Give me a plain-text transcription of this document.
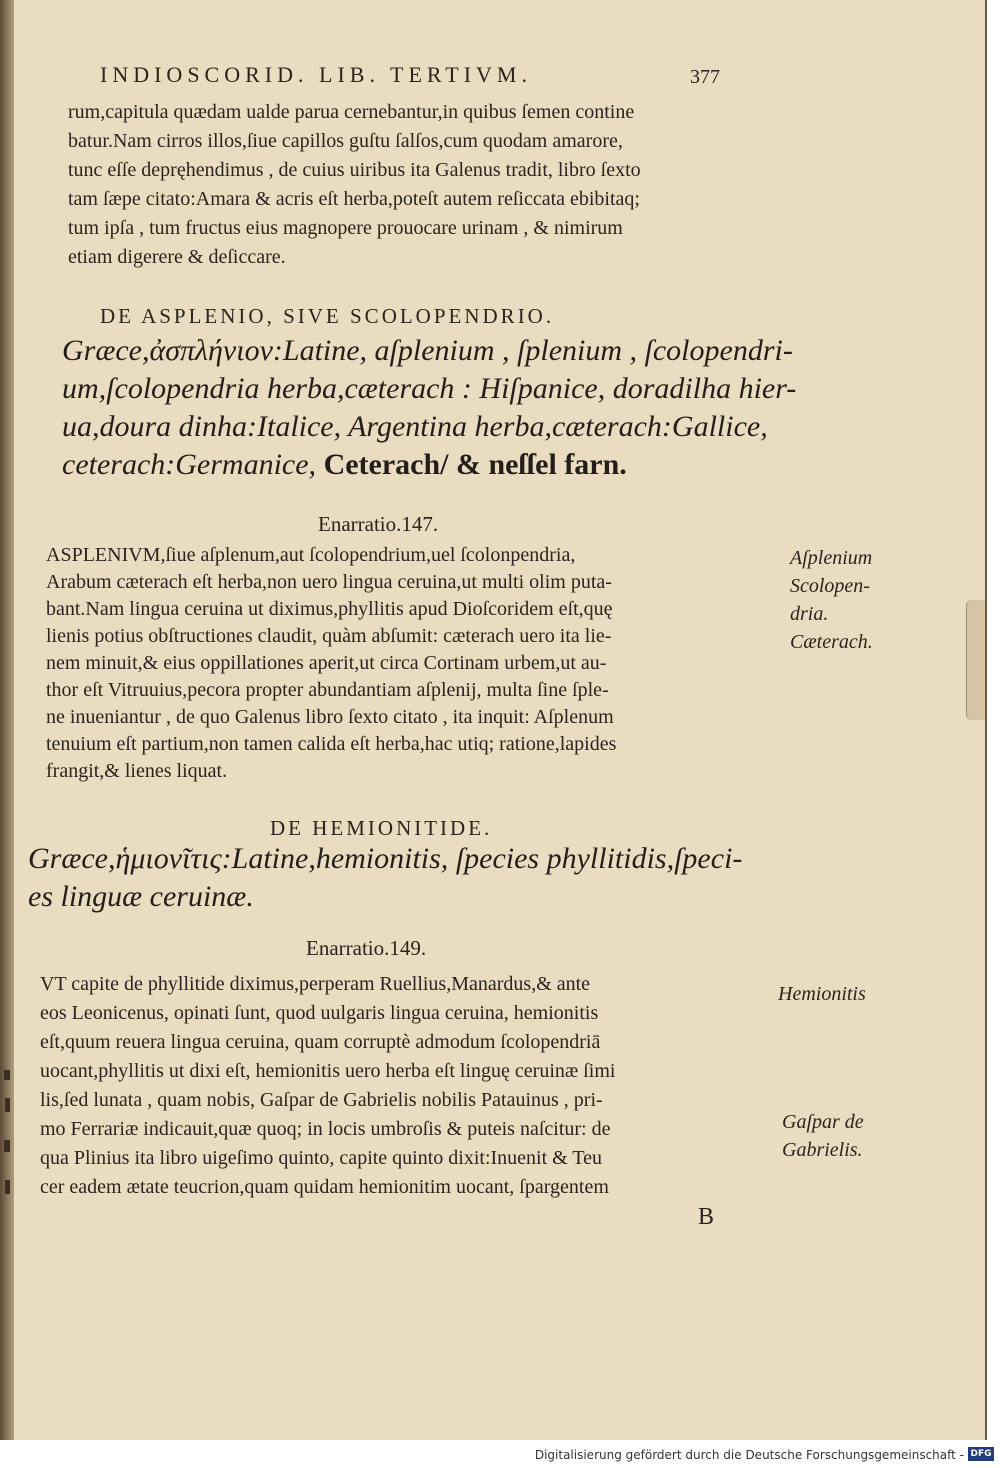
INDIOSCORID. LIB. TERTIVM.	377
rum,capitula quædam ualde parua cernebantur,in quibus ſemen contine
batur.Nam cirros illos,ſiue capillos guſtu ſalſos,cum quodam amarore,
tunc eſſe depręhendimus , de cuius uiribus ita Galenus tradit, libro ſexto
tam ſæpe citato:Amara & acris eſt herba,poteſt autem reſiccata ebibitaq;
tum ipſa , tum fructus eius magnopere prouocare urinam , & nimirum
etiam digerere & deſiccare.
DE ASPLENIO, SIVE SCOLOPENDRIO.
Græce,ἀσπλήνιον:Latine, aſplenium , ſplenium , ſcolopendri-
um,ſcolopendria herba,cæterach : Hiſpanice, doradilha hier-
ua,doura dinha:Italice, Argentina herba,cæterach:Gallice,
ceterach:Germanice, Ceterach/ & neſſel farn.
Enarratio.147.
ASPLENIVM,ſiue aſplenum,aut ſcolopendrium,uel ſcolonpendria,
Arabum cæterach eſt herba,non uero lingua ceruina,ut multi olim puta-
bant.Nam lingua ceruina ut diximus,phyllitis apud Dioſcoridem eſt,quę
lienis potius obſtructiones claudit, quàm abſumit: cæterach uero ita lie-
nem minuit,& eius oppillationes aperit,ut circa Cortinam urbem,ut au-
thor eſt Vitruuius,pecora propter abundantiam aſplenij, multa ſine ſple-
ne inueniantur , de quo Galenus libro ſexto citato , ita inquit: Aſplenum
tenuium eſt partium,non tamen calida eſt herba,hac utiq; ratione,lapides
frangit,& lienes liquat.
Aſplenium
Scolopen-
dria.
Cæterach.
DE HEMIONITIDE.
Græce,ἡμιονῖτις:Latine,hemionitis, ſpecies phyllitidis,ſpeci-
es linguæ ceruinæ.
Enarratio.149.
VT capite de phyllitide diximus,perperam Ruellius,Manardus,& ante
eos Leonicenus, opinati ſunt, quod uulgaris lingua ceruina, hemionitis
eſt,quum reuera lingua ceruina, quam corruptè admodum ſcolopendriā
uocant,phyllitis ut dixi eſt, hemionitis uero herba eſt linguę ceruinæ ſimi
lis,ſed lunata , quam nobis, Gaſpar de Gabrielis nobilis Patauinus , pri-
mo Ferrariæ indicauit,quæ quoq; in locis umbroſis & puteis naſcitur: de
qua Plinius ita libro uigeſimo quinto, capite quinto dixit:Inuenit & Teu
cer eadem ætate teucrion,quam quidam hemionitim uocant, ſpargentem
Hemionitis
Gaſpar de
Gabrielis.
B
Digitalisierung gefördert durch die Deutsche Forschungsgemeinschaft - DFG
